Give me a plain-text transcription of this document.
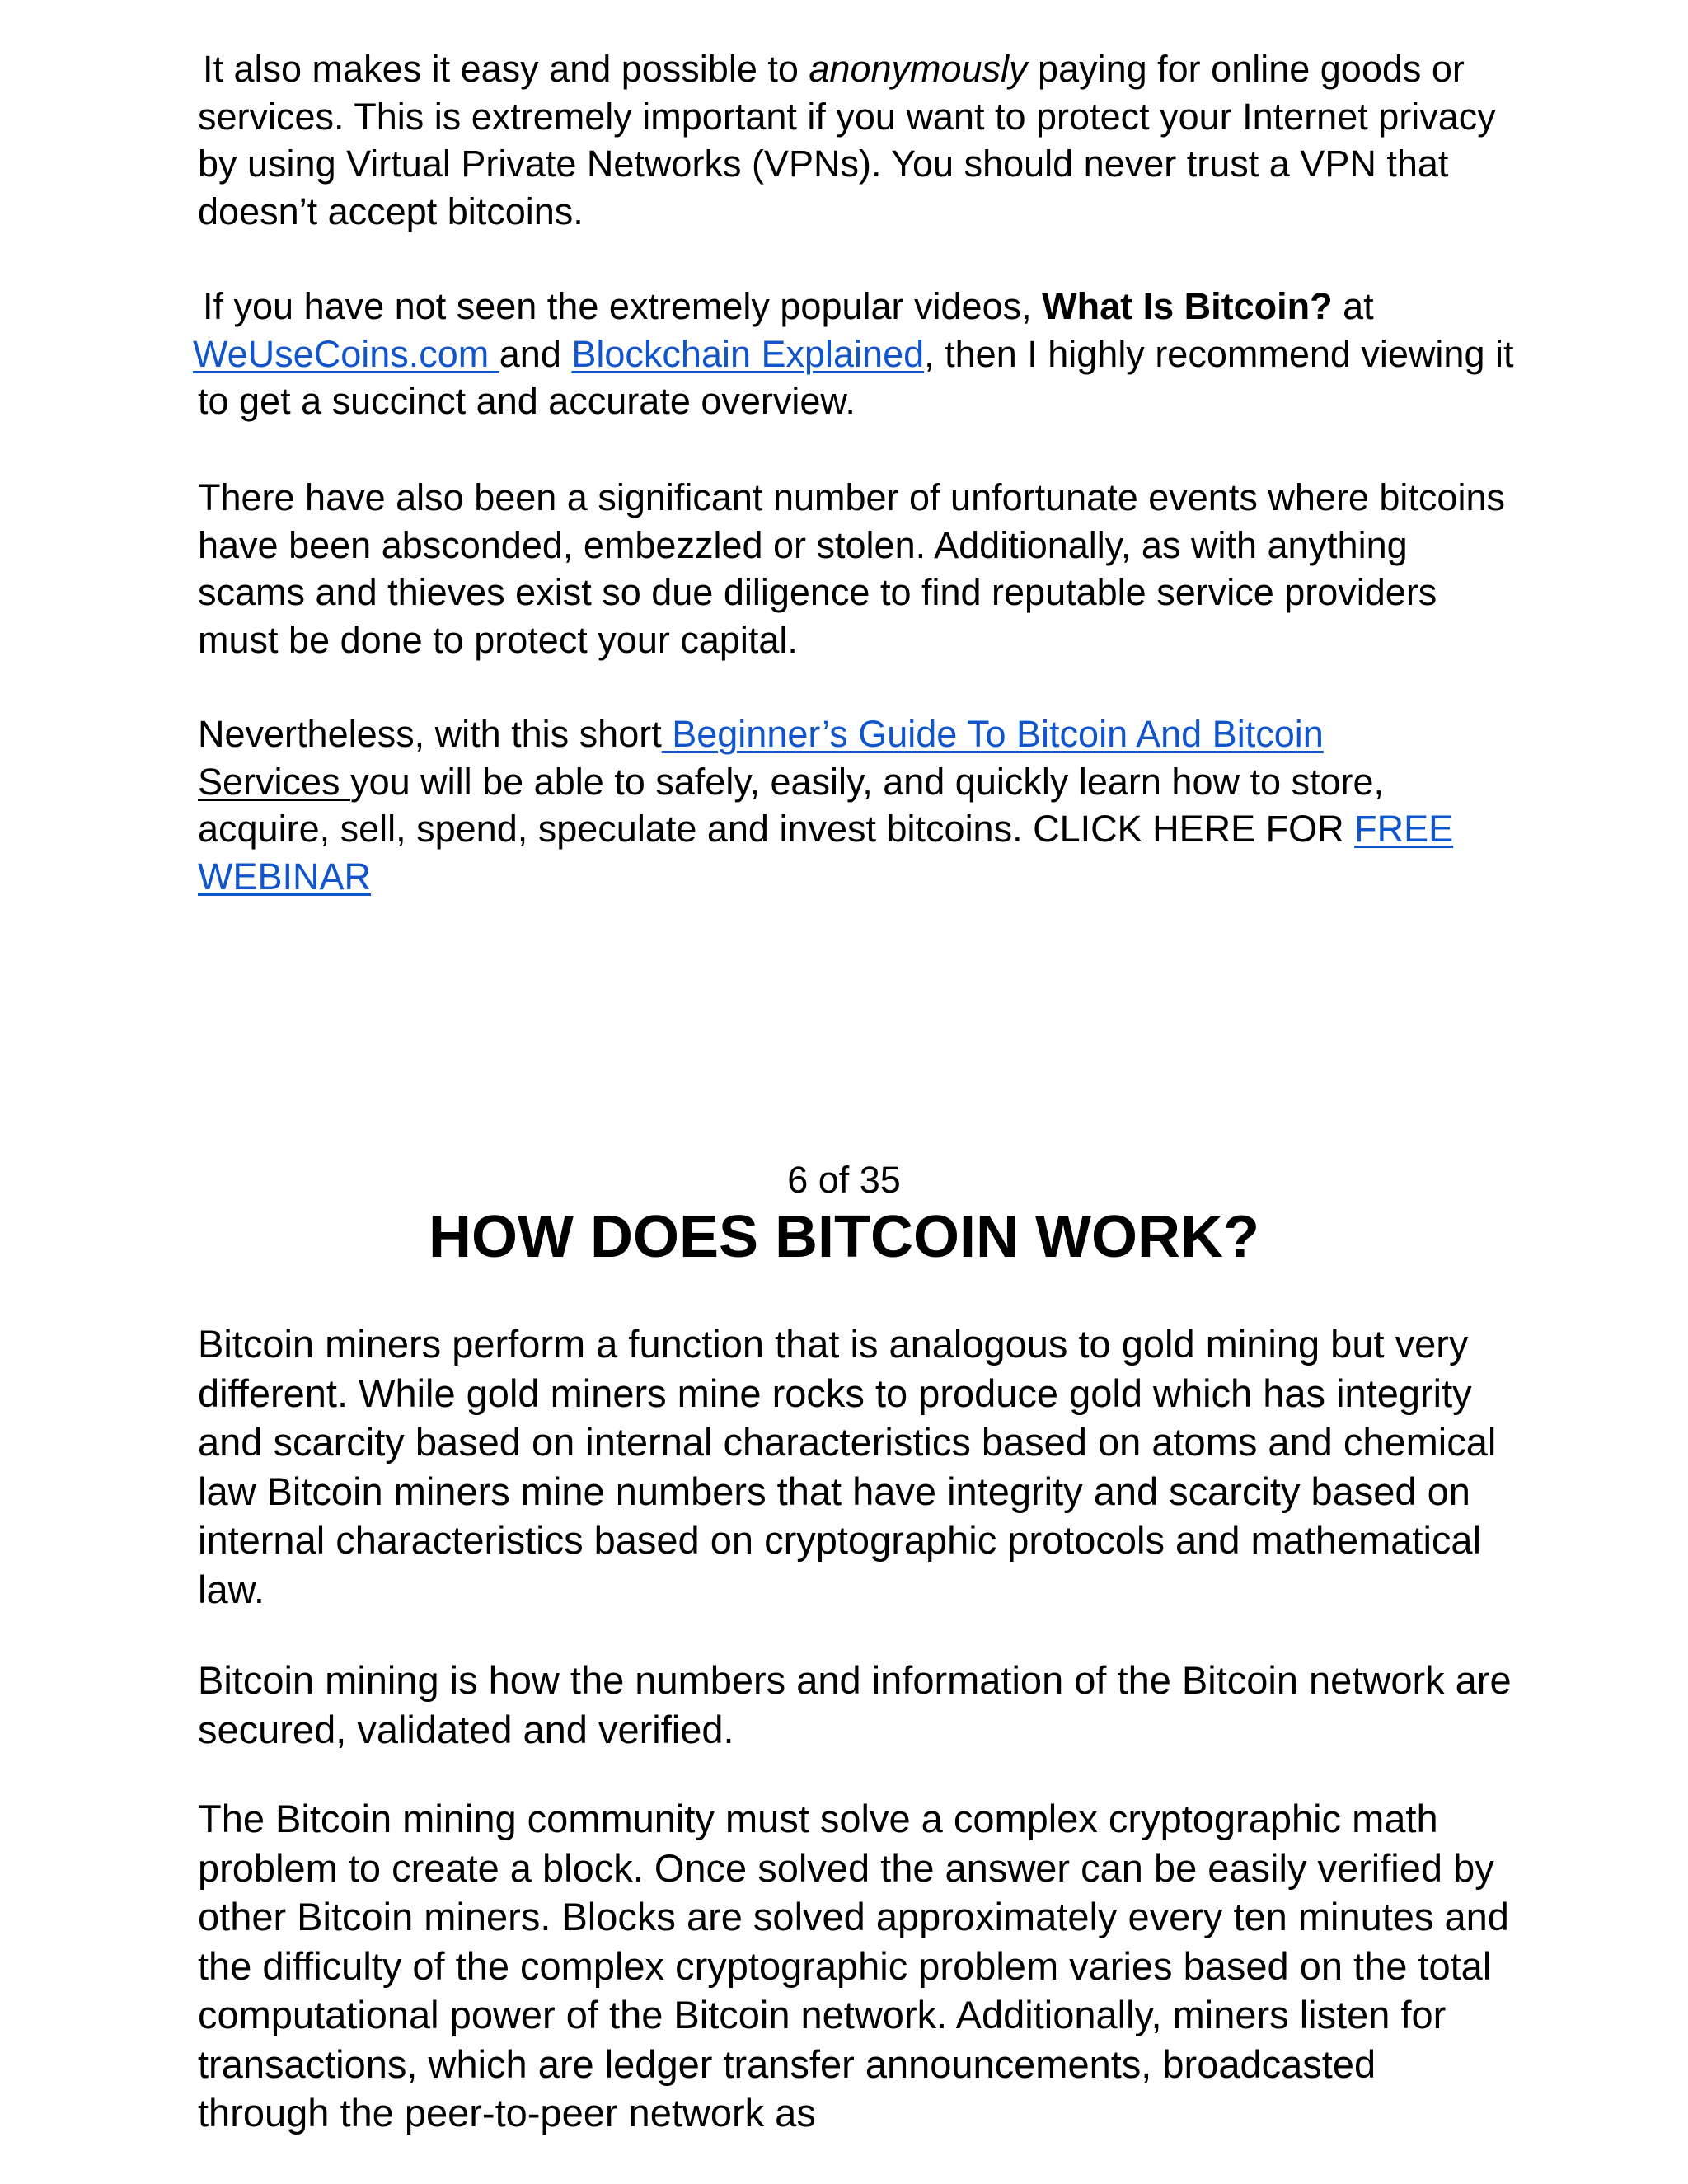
It also makes it easy and possible to anonymously paying for online goods or services. This is extremely important if you want to protect your Internet privacy by using Virtual Private Networks (VPNs). You should never trust a VPN that doesn’t accept bitcoins.

If you have not seen the extremely popular videos, What Is Bitcoin? at
WeUseCoins.com and Blockchain Explained, then I highly recommend viewing it to get a succinct and accurate overview.

There have also been a significant number of unfortunate events where bitcoins have been absconded, embezzled or stolen. Additionally, as with anything scams and thieves exist so due diligence to find reputable service providers must be done to protect your capital.

Nevertheless, with this short Beginner’s Guide To Bitcoin And Bitcoin
Services you will be able to safely, easily, and quickly learn how to store, acquire, sell, spend, speculate and invest bitcoins. CLICK HERE FOR FREE WEBINAR

6 of 35

HOW DOES BITCOIN WORK?

Bitcoin miners perform a function that is analogous to gold mining but very different. While gold miners mine rocks to produce gold which has integrity and scarcity based on internal characteristics based on atoms and chemical law Bitcoin miners mine numbers that have integrity and scarcity based on internal characteristics based on cryptographic protocols and mathematical law.

Bitcoin mining is how the numbers and information of the Bitcoin network are secured, validated and verified.

The Bitcoin mining community must solve a complex cryptographic math problem to create a block. Once solved the answer can be easily verified by other Bitcoin miners. Blocks are solved approximately every ten minutes and the difficulty of the complex cryptographic problem varies based on the total computational power of the Bitcoin network. Additionally, miners listen for transactions, which are ledger transfer announcements, broadcasted through the peer-to-peer network as
